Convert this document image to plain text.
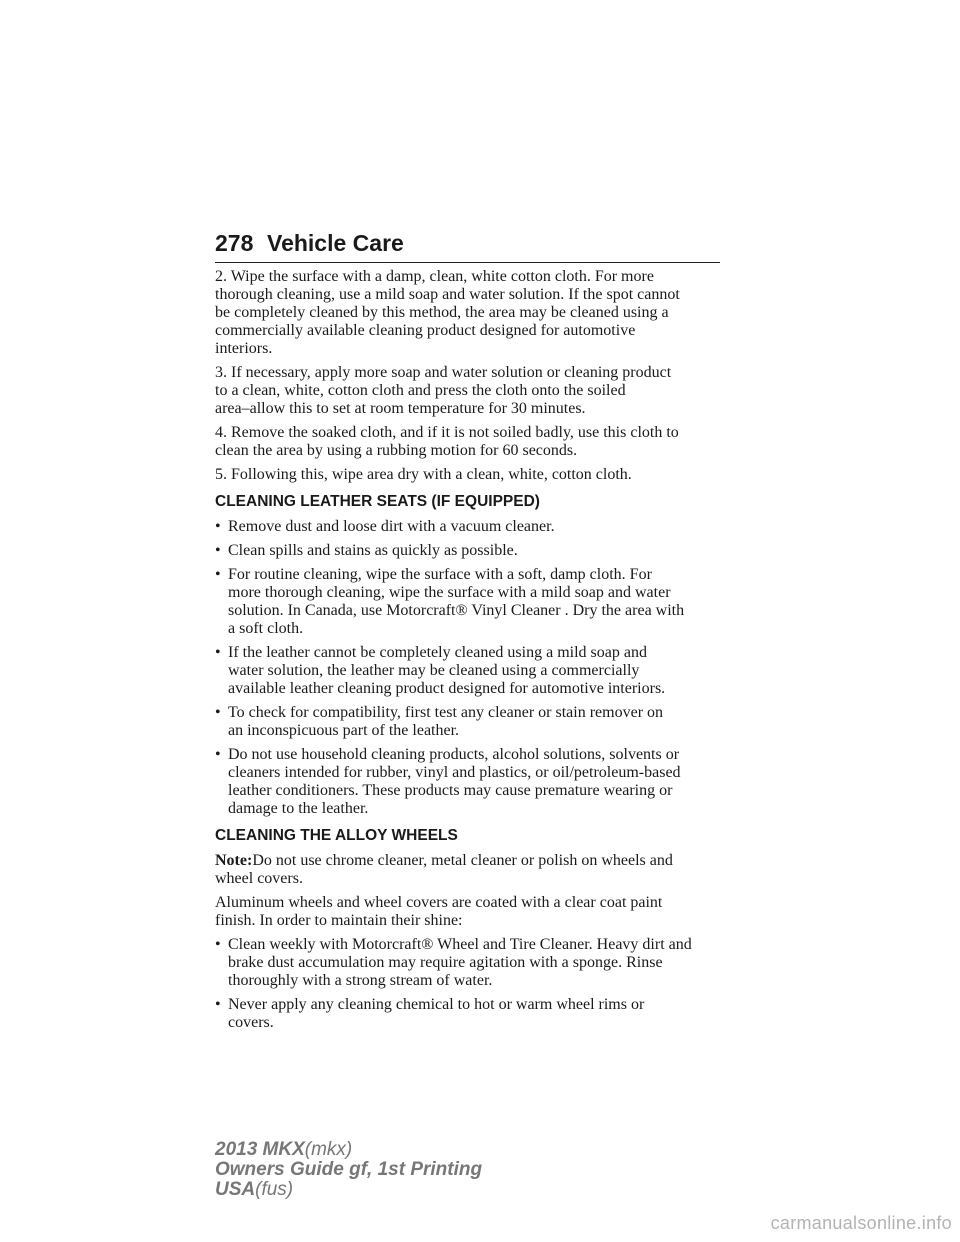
278 Vehicle Care

2. Wipe the surface with a damp, clean, white cotton cloth. For more
thorough cleaning, use a mild soap and water solution. If the spot cannot
be completely cleaned by this method, the area may be cleaned using a
commercially available cleaning product designed for automotive
interiors.

3. If necessary, apply more soap and water solution or cleaning product
to a clean, white, cotton cloth and press the cloth onto the soiled
area–allow this to set at room temperature for 30 minutes.

4. Remove the soaked cloth, and if it is not soiled badly, use this cloth to
clean the area by using a rubbing motion for 60 seconds.

5. Following this, wipe area dry with a clean, white, cotton cloth.

CLEANING LEATHER SEATS (IF EQUIPPED)
• Remove dust and loose dirt with a vacuum cleaner.
• Clean spills and stains as quickly as possible.
• For routine cleaning, wipe the surface with a soft, damp cloth. For
more thorough cleaning, wipe the surface with a mild soap and water
solution. In Canada, use Motorcraft® Vinyl Cleaner . Dry the area with
a soft cloth.
• If the leather cannot be completely cleaned using a mild soap and
water solution, the leather may be cleaned using a commercially
available leather cleaning product designed for automotive interiors.
• To check for compatibility, first test any cleaner or stain remover on
an inconspicuous part of the leather.
• Do not use household cleaning products, alcohol solutions, solvents or
cleaners intended for rubber, vinyl and plastics, or oil/petroleum-based
leather conditioners. These products may cause premature wearing or
damage to the leather.
CLEANING THE ALLOY WHEELS

Note:Do not use chrome cleaner, metal cleaner or polish on wheels and
wheel covers.

Aluminum wheels and wheel covers are coated with a clear coat paint
finish. In order to maintain their shine:

• Clean weekly with Motorcraft® Wheel and Tire Cleaner. Heavy dirt and
brake dust accumulation may require agitation with a sponge. Rinse
thoroughly with a strong stream of water.
• Never apply any cleaning chemical to hot or warm wheel rims or
covers.
2013 MKX(mkx)
Owners Guide gf, 1st Printing
USA(fus)
carmanualsonline.info
